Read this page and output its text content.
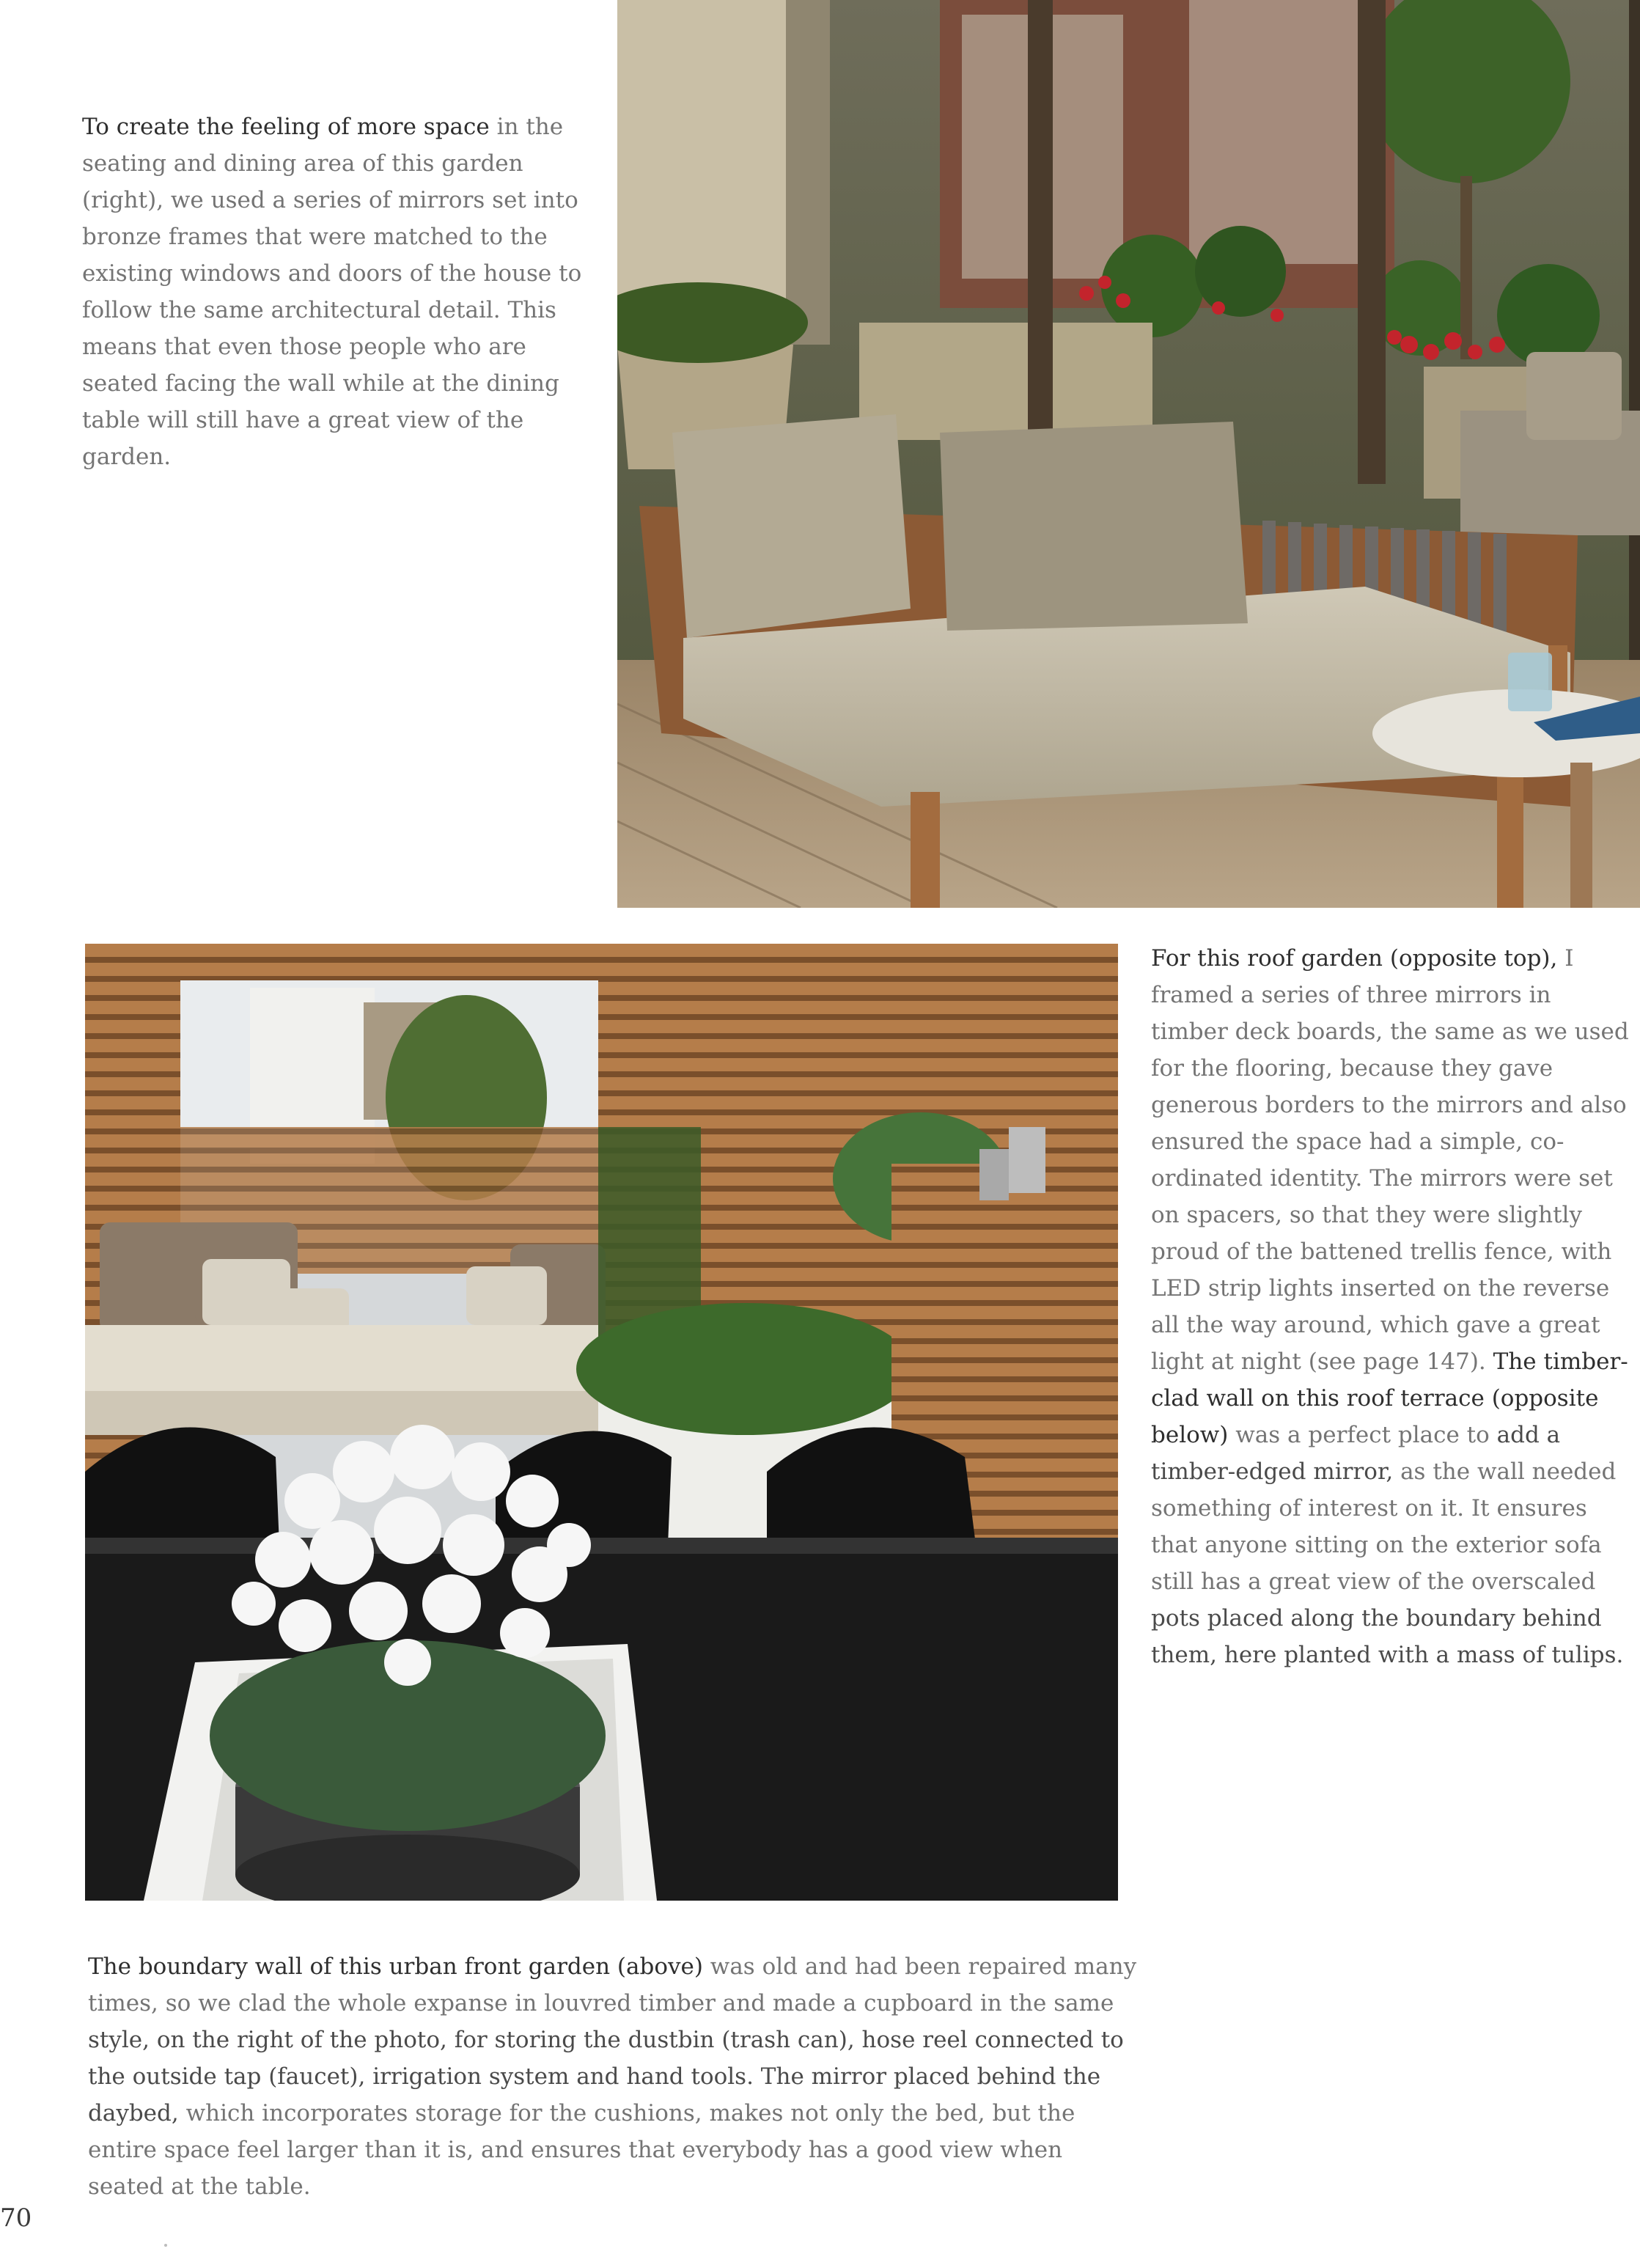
To create the feeling of more space in the seating and dining area of this garden (right), we used a series of mirrors set into bronze frames that were matched to the existing windows and doors of the house to follow the same architectural detail. This means that even those people who are seated facing the wall while at the dining table will still have a great view of the garden.

For this roof garden (opposite top), I framed a series of three mirrors in timber deck boards, the same as we used for the flooring, because they gave generous borders to the mirrors and also ensured the space had a simple, co-ordinated identity. The mirrors were set on spacers, so that they were slightly proud of the battened trellis fence, with LED strip lights inserted on the reverse all the way around, which gave a great light at night (see page 147). The timber-clad wall on this roof terrace (opposite below) was a perfect place to add a timber-edged mirror, as the wall needed something of interest on it. It ensures that anyone sitting on the exterior sofa still has a great view of the overscaled pots placed along the boundary behind them, here planted with a mass of tulips.

The boundary wall of this urban front garden (above) was old and had been repaired many times, so we clad the whole expanse in louvred timber and made a cupboard in the same style, on the right of the photo, for storing the dustbin (trash can), hose reel connected to the outside tap (faucet), irrigation system and hand tools. The mirror placed behind the daybed, which incorporates storage for the cushions, makes not only the bed, but the entire space feel larger than it is, and ensures that everybody has a good view when seated at the table.

70
